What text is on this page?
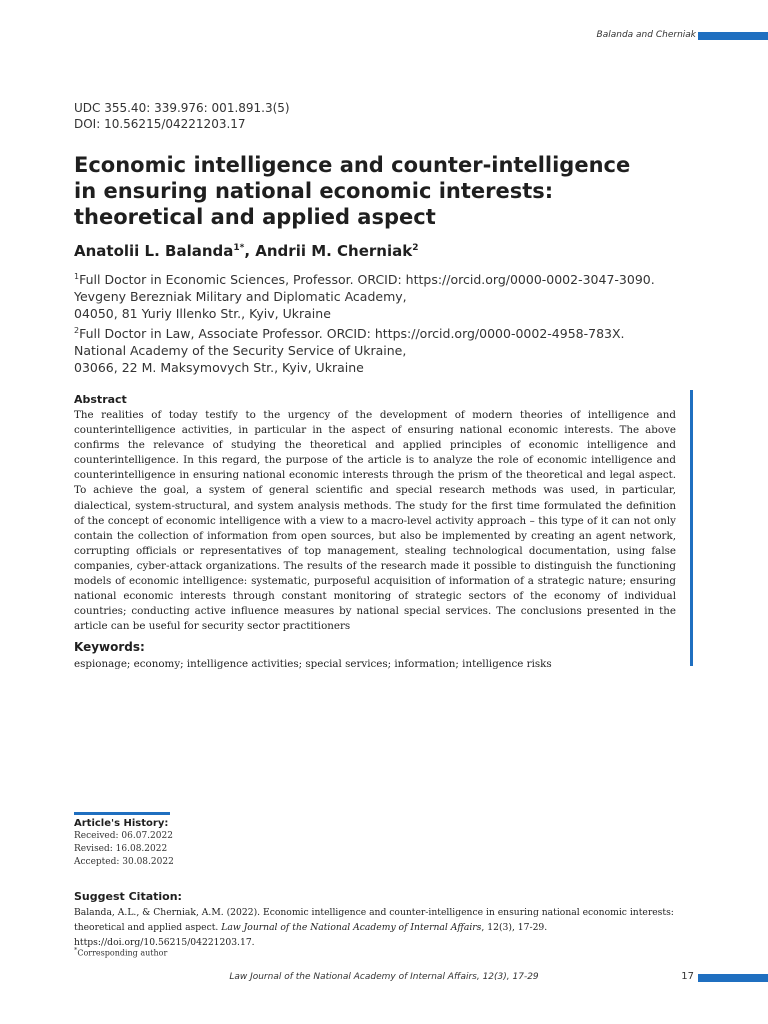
Balanda and Cherniak
UDC 355.40: 339.976: 001.891.3(5)
DOI: 10.56215/04221203.17
Economic intelligence and counter-intelligence
in ensuring national economic interests:
theoretical and applied aspect
Anatolii L. Balanda$^{1*}$, Andrii M. Cherniak$^2$
$^1$Full Doctor in Economic Sciences, Professor. ORCID: https://orcid.org/0000-0002-3047-3090.
Yevgeny Berezniak Military and Diplomatic Academy,
04050, 81 Yuriy Illenko Str., Kyiv, Ukraine
$^2$Full Doctor in Law, Associate Professor. ORCID: https://orcid.org/0000-0002-4958-783X.
National Academy of the Security Service of Ukraine,
03066, 22 M. Maksymovych Str., Kyiv, Ukraine
Abstract

The realities of today testify to the urgency of the development of modern theories of intelligence and counterintelligence activities, in particular in the aspect of ensuring national economic interests. The above confirms the relevance of studying the theoretical and applied principles of economic intelligence and counterintelligence. In this regard, the purpose of the article is to analyze the role of economic intelligence and counterintelligence in ensuring national economic interests through the prism of the theoretical and legal aspect. To achieve the goal, a system of general scientific and special research methods was used, in particular, dialectical, system-structural, and system analysis methods. The study for the first time formulated the definition of the concept of economic intelligence with a view to a macro-level activity approach – this type of it can not only contain the collection of information from open sources, but also be implemented by creating an agent network, corrupting officials or representatives of top management, stealing technological documentation, using false companies, cyber-attack organizations. The results of the research made it possible to distinguish the functioning models of economic intelligence: systematic, purposeful acquisition of information of a strategic nature; ensuring national economic interests through constant monitoring of strategic sectors of the economy of individual countries; conducting active influence measures by national special services. The conclusions presented in the article can be useful for security sector practitioners

Keywords:
espionage; economy; intelligence activities; special services; information; intelligence risks
Article's History:
Received: 06.07.2022
Revised: 16.08.2022
Accepted: 30.08.2022
Suggest Citation:

Balanda, A.L., & Cherniak, A.M. (2022). Economic intelligence and counter-intelligence in ensuring national economic interests: theoretical and applied aspect. Law Journal of the National Academy of Internal Affairs, 12(3), 17-29. https://doi.org/10.56215/04221203.17.

*Corresponding author
Law Journal of the National Academy of Internal Affairs, 12(3), 17-29	17
